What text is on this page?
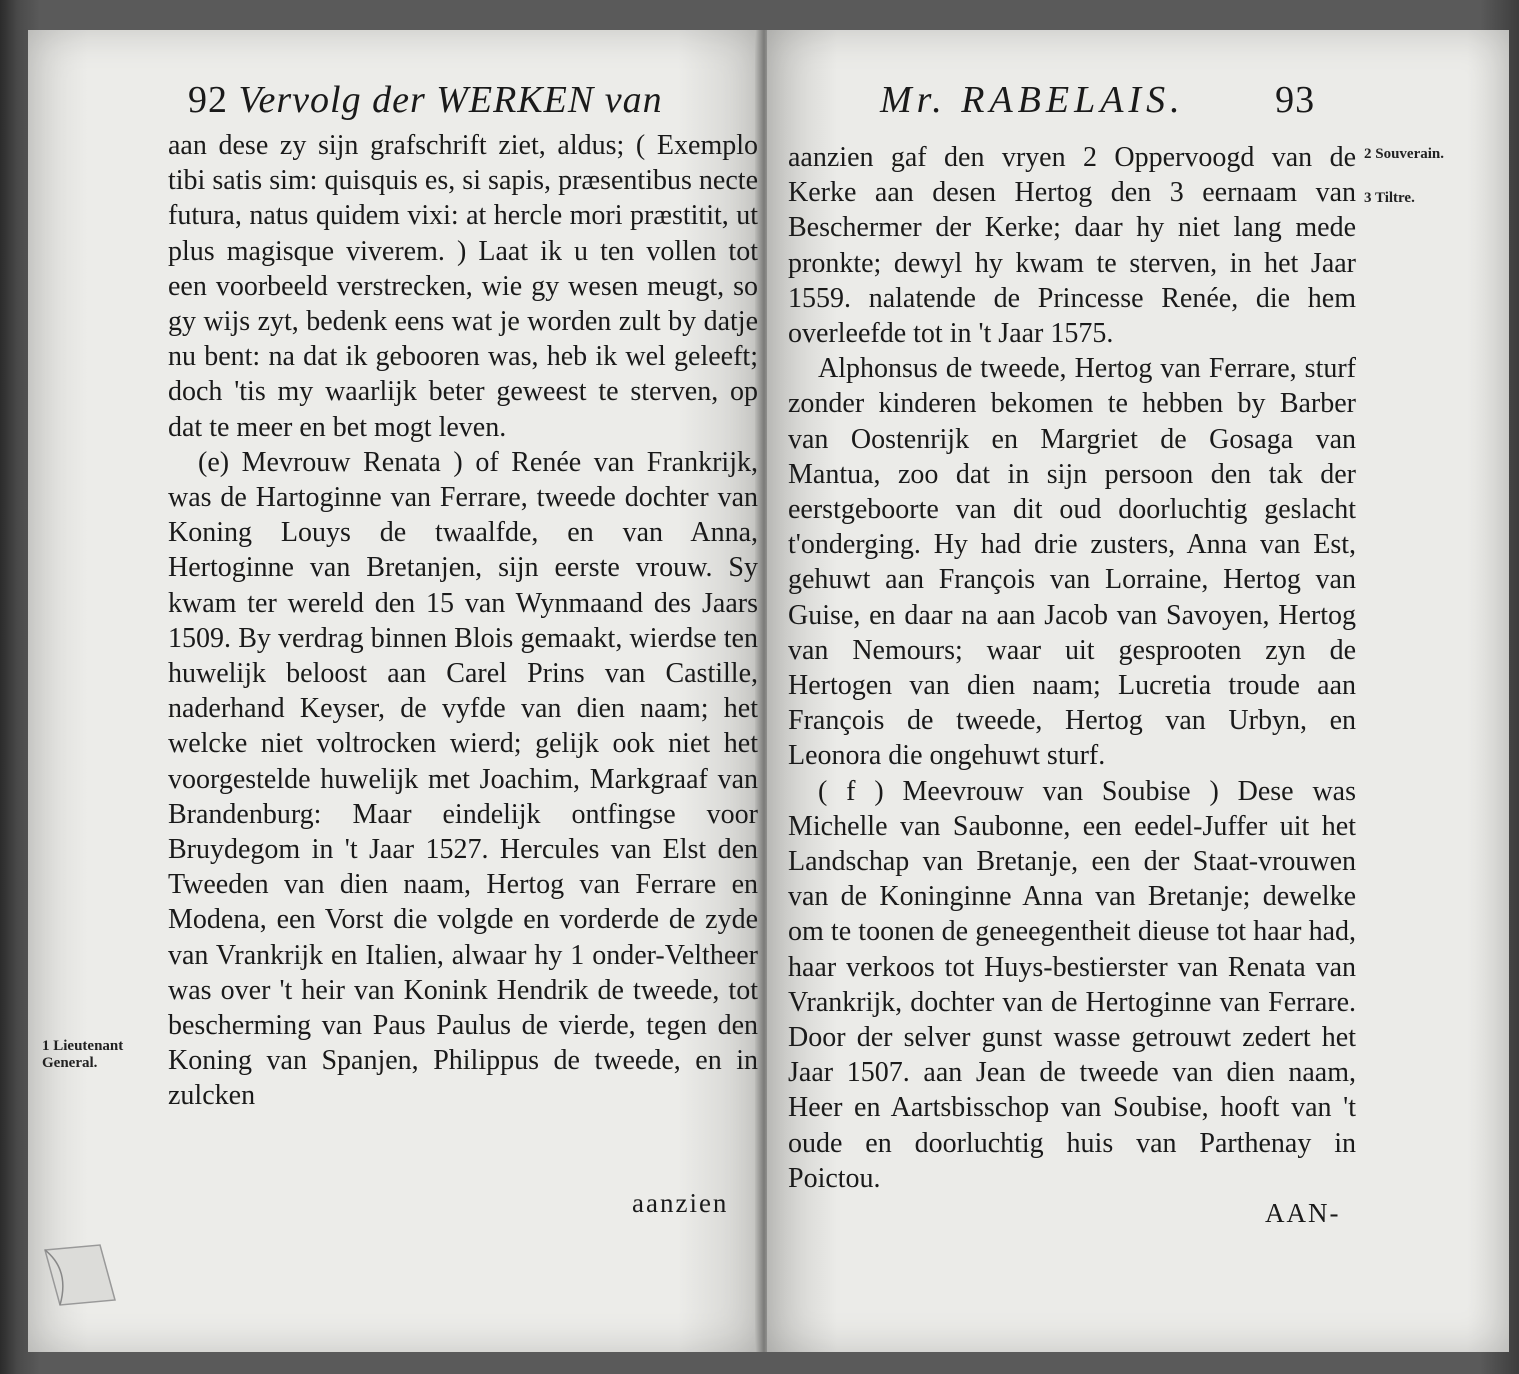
92 Vervolg der WERKEN van

aan dese zy sijn grafschrift ziet, aldus; ( Exemplo tibi satis sim: quisquis es, si sapis, præsentibus necte futura, natus quidem vixi: at hercle mori præstitit, ut plus magisque viverem. ) Laat ik u ten vollen tot een voorbeeld verstrecken, wie gy wesen meugt, so gy wijs zyt, bedenk eens wat je worden zult by datje nu bent: na dat ik gebooren was, heb ik wel geleeft; doch 'tis my waarlijk beter geweest te sterven, op dat te meer en bet mogt leven.

(e) Mevrouw Renata ) of Renée van Frankrijk, was de Hartoginne van Ferrare, tweede dochter van Koning Louys de twaalfde, en van Anna, Hertoginne van Bretanjen, sijn eerste vrouw. Sy kwam ter wereld den 15 van Wynmaand des Jaars 1509. By verdrag binnen Blois gemaakt, wierdse ten huwelijk beloost aan Carel Prins van Castille, naderhand Keyser, de vyfde van dien naam; het welcke niet voltrocken wierd; gelijk ook niet het voorgestelde huwelijk met Joachim, Markgraaf van Brandenburg: Maar eindelijk ontfingse voor Bruydegom in 't Jaar 1527. Hercules van Elst den Tweeden van dien naam, Hertog van Ferrare en Modena, een Vorst die volgde en vorderde de zyde van Vrankrijk en Italien, alwaar hy 1 onder-Veltheer was over 't heir van Konink Hendrik de tweede, tot bescherming van Paus Paulus de vierde, tegen den Koning van Spanjen, Philippus de tweede, en in zulcken

aanzien
1 Lieutenant General.
Mr. RABELAIS. 93

aanzien gaf den vryen 2 Oppervoogd van de Kerke aan desen Hertog den 3 eernaam van Beschermer der Kerke; daar hy niet lang mede pronkte; dewyl hy kwam te sterven, in het Jaar 1559. nalatende de Princesse Renée, die hem overleefde tot in 't Jaar 1575.

Alphonsus de tweede, Hertog van Ferrare, sturf zonder kinderen bekomen te hebben by Barber van Oostenrijk en Margriet de Gosaga van Mantua, zoo dat in sijn persoon den tak der eerstgeboorte van dit oud doorluchtig geslacht t'onderging. Hy had drie zusters, Anna van Est, gehuwt aan François van Lorraine, Hertog van Guise, en daar na aan Jacob van Savoyen, Hertog van Nemours; waar uit gesprooten zyn de Hertogen van dien naam; Lucretia troude aan François de tweede, Hertog van Urbyn, en Leonora die ongehuwt sturf.

( f ) Meevrouw van Soubise ) Dese was Michelle van Saubonne, een eedel-Juffer uit het Landschap van Bretanje, een der Staat-vrouwen van de Koninginne Anna van Bretanje; dewelke om te toonen de geneegentheit dieuse tot haar had, haar verkoos tot Huys-bestierster van Renata van Vrankrijk, dochter van de Hertoginne van Ferrare. Door der selver gunst wasse getrouwt zedert het Jaar 1507. aan Jean de tweede van dien naam, Heer en Aartsbisschop van Soubise, hooft van 't oude en doorluchtig huis van Parthenay in Poictou.

AAN-
2 Souverain.
3 Tiltre.
